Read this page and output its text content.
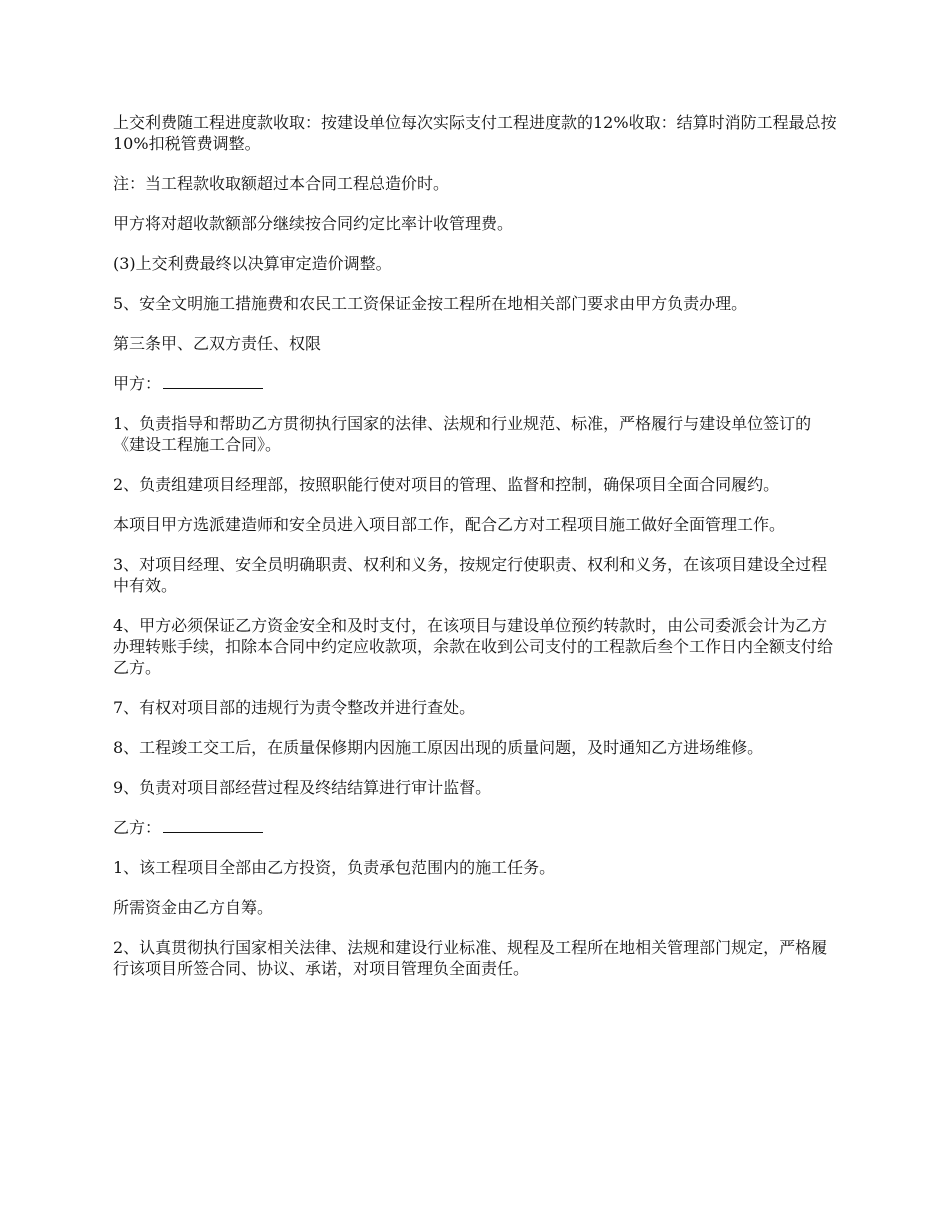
上交利费随工程进度款收取：按建设单位每次实际支付工程进度款的12%收取：结算时消防工程最总按10%扣税管费调整。

注：当工程款收取额超过本合同工程总造价时。

甲方将对超收款额部分继续按合同约定比率计收管理费。

(3)上交利费最终以决算审定造价调整。

5、安全文明施工措施费和农民工工资保证金按工程所在地相关部门要求由甲方负责办理。

第三条甲、乙双方责任、权限

甲方：

1、负责指导和帮助乙方贯彻执行国家的法律、法规和行业规范、标准，严格履行与建设单位签订的《建设工程施工合同》。

2、负责组建项目经理部，按照职能行使对项目的管理、监督和控制，确保项目全面合同履约。

本项目甲方选派建造师和安全员进入项目部工作，配合乙方对工程项目施工做好全面管理工作。

3、对项目经理、安全员明确职责、权利和义务，按规定行使职责、权利和义务，在该项目建设全过程中有效。

4、甲方必须保证乙方资金安全和及时支付，在该项目与建设单位预约转款时，由公司委派会计为乙方办理转账手续，扣除本合同中约定应收款项，余款在收到公司支付的工程款后叁个工作日内全额支付给乙方。

7、有权对项目部的违规行为责令整改并进行查处。

8、工程竣工交工后，在质量保修期内因施工原因出现的质量问题，及时通知乙方进场维修。

9、负责对项目部经营过程及终结结算进行审计监督。

乙方：

1、该工程项目全部由乙方投资，负责承包范围内的施工任务。

所需资金由乙方自筹。

2、认真贯彻执行国家相关法律、法规和建设行业标准、规程及工程所在地相关管理部门规定，严格履行该项目所签合同、协议、承诺，对项目管理负全面责任。
